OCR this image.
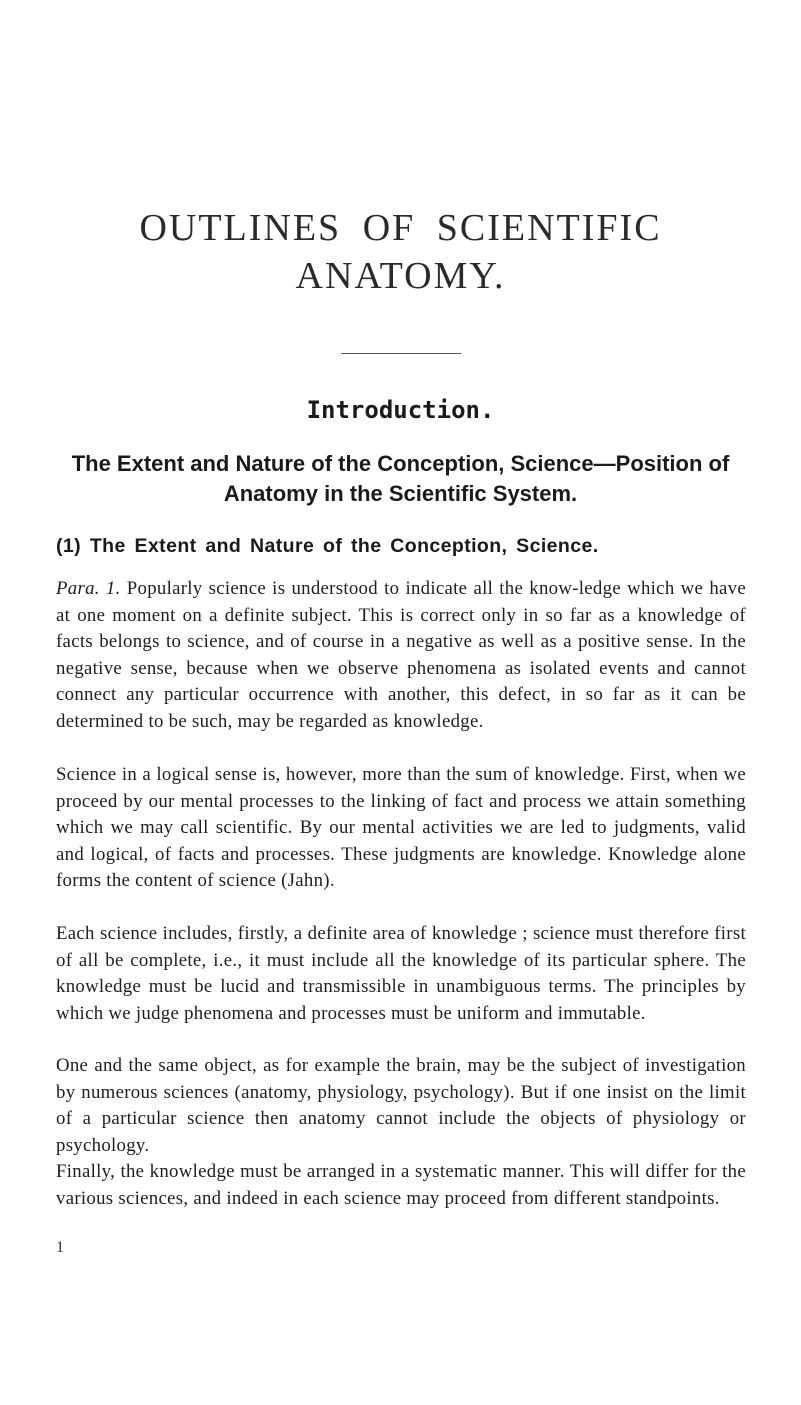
OUTLINES OF SCIENTIFIC
ANATOMY.
Introduction.
The Extent and Nature of the Conception, Science—Position of Anatomy in the Scientific System.
(1) The Extent and Nature of the Conception, Science.

Para. 1. Popularly science is understood to indicate all the know-ledge which we have at one moment on a definite subject. This is correct only in so far as a knowledge of facts belongs to science, and of course in a negative as well as a positive sense. In the negative sense, because when we observe phenomena as isolated events and cannot connect any particular occurrence with another, this defect, in so far as it can be determined to be such, may be regarded as knowledge.

Science in a logical sense is, however, more than the sum of knowledge. First, when we proceed by our mental processes to the linking of fact and process we attain something which we may call scientific. By our mental activities we are led to judgments, valid and logical, of facts and processes. These judgments are knowledge. Knowledge alone forms the content of science (Jahn).

Each science includes, firstly, a definite area of knowledge ; science must therefore first of all be complete, i.e., it must include all the knowledge of its particular sphere. The knowledge must be lucid and transmissible in unambiguous terms. The principles by which we judge phenomena and processes must be uniform and immutable.

One and the same object, as for example the brain, may be the subject of investigation by numerous sciences (anatomy, physiology, psychology). But if one insist on the limit of a particular science then anatomy cannot include the objects of physiology or psychology.

Finally, the knowledge must be arranged in a systematic manner. This will differ for the various sciences, and indeed in each science may proceed from different standpoints.

1
